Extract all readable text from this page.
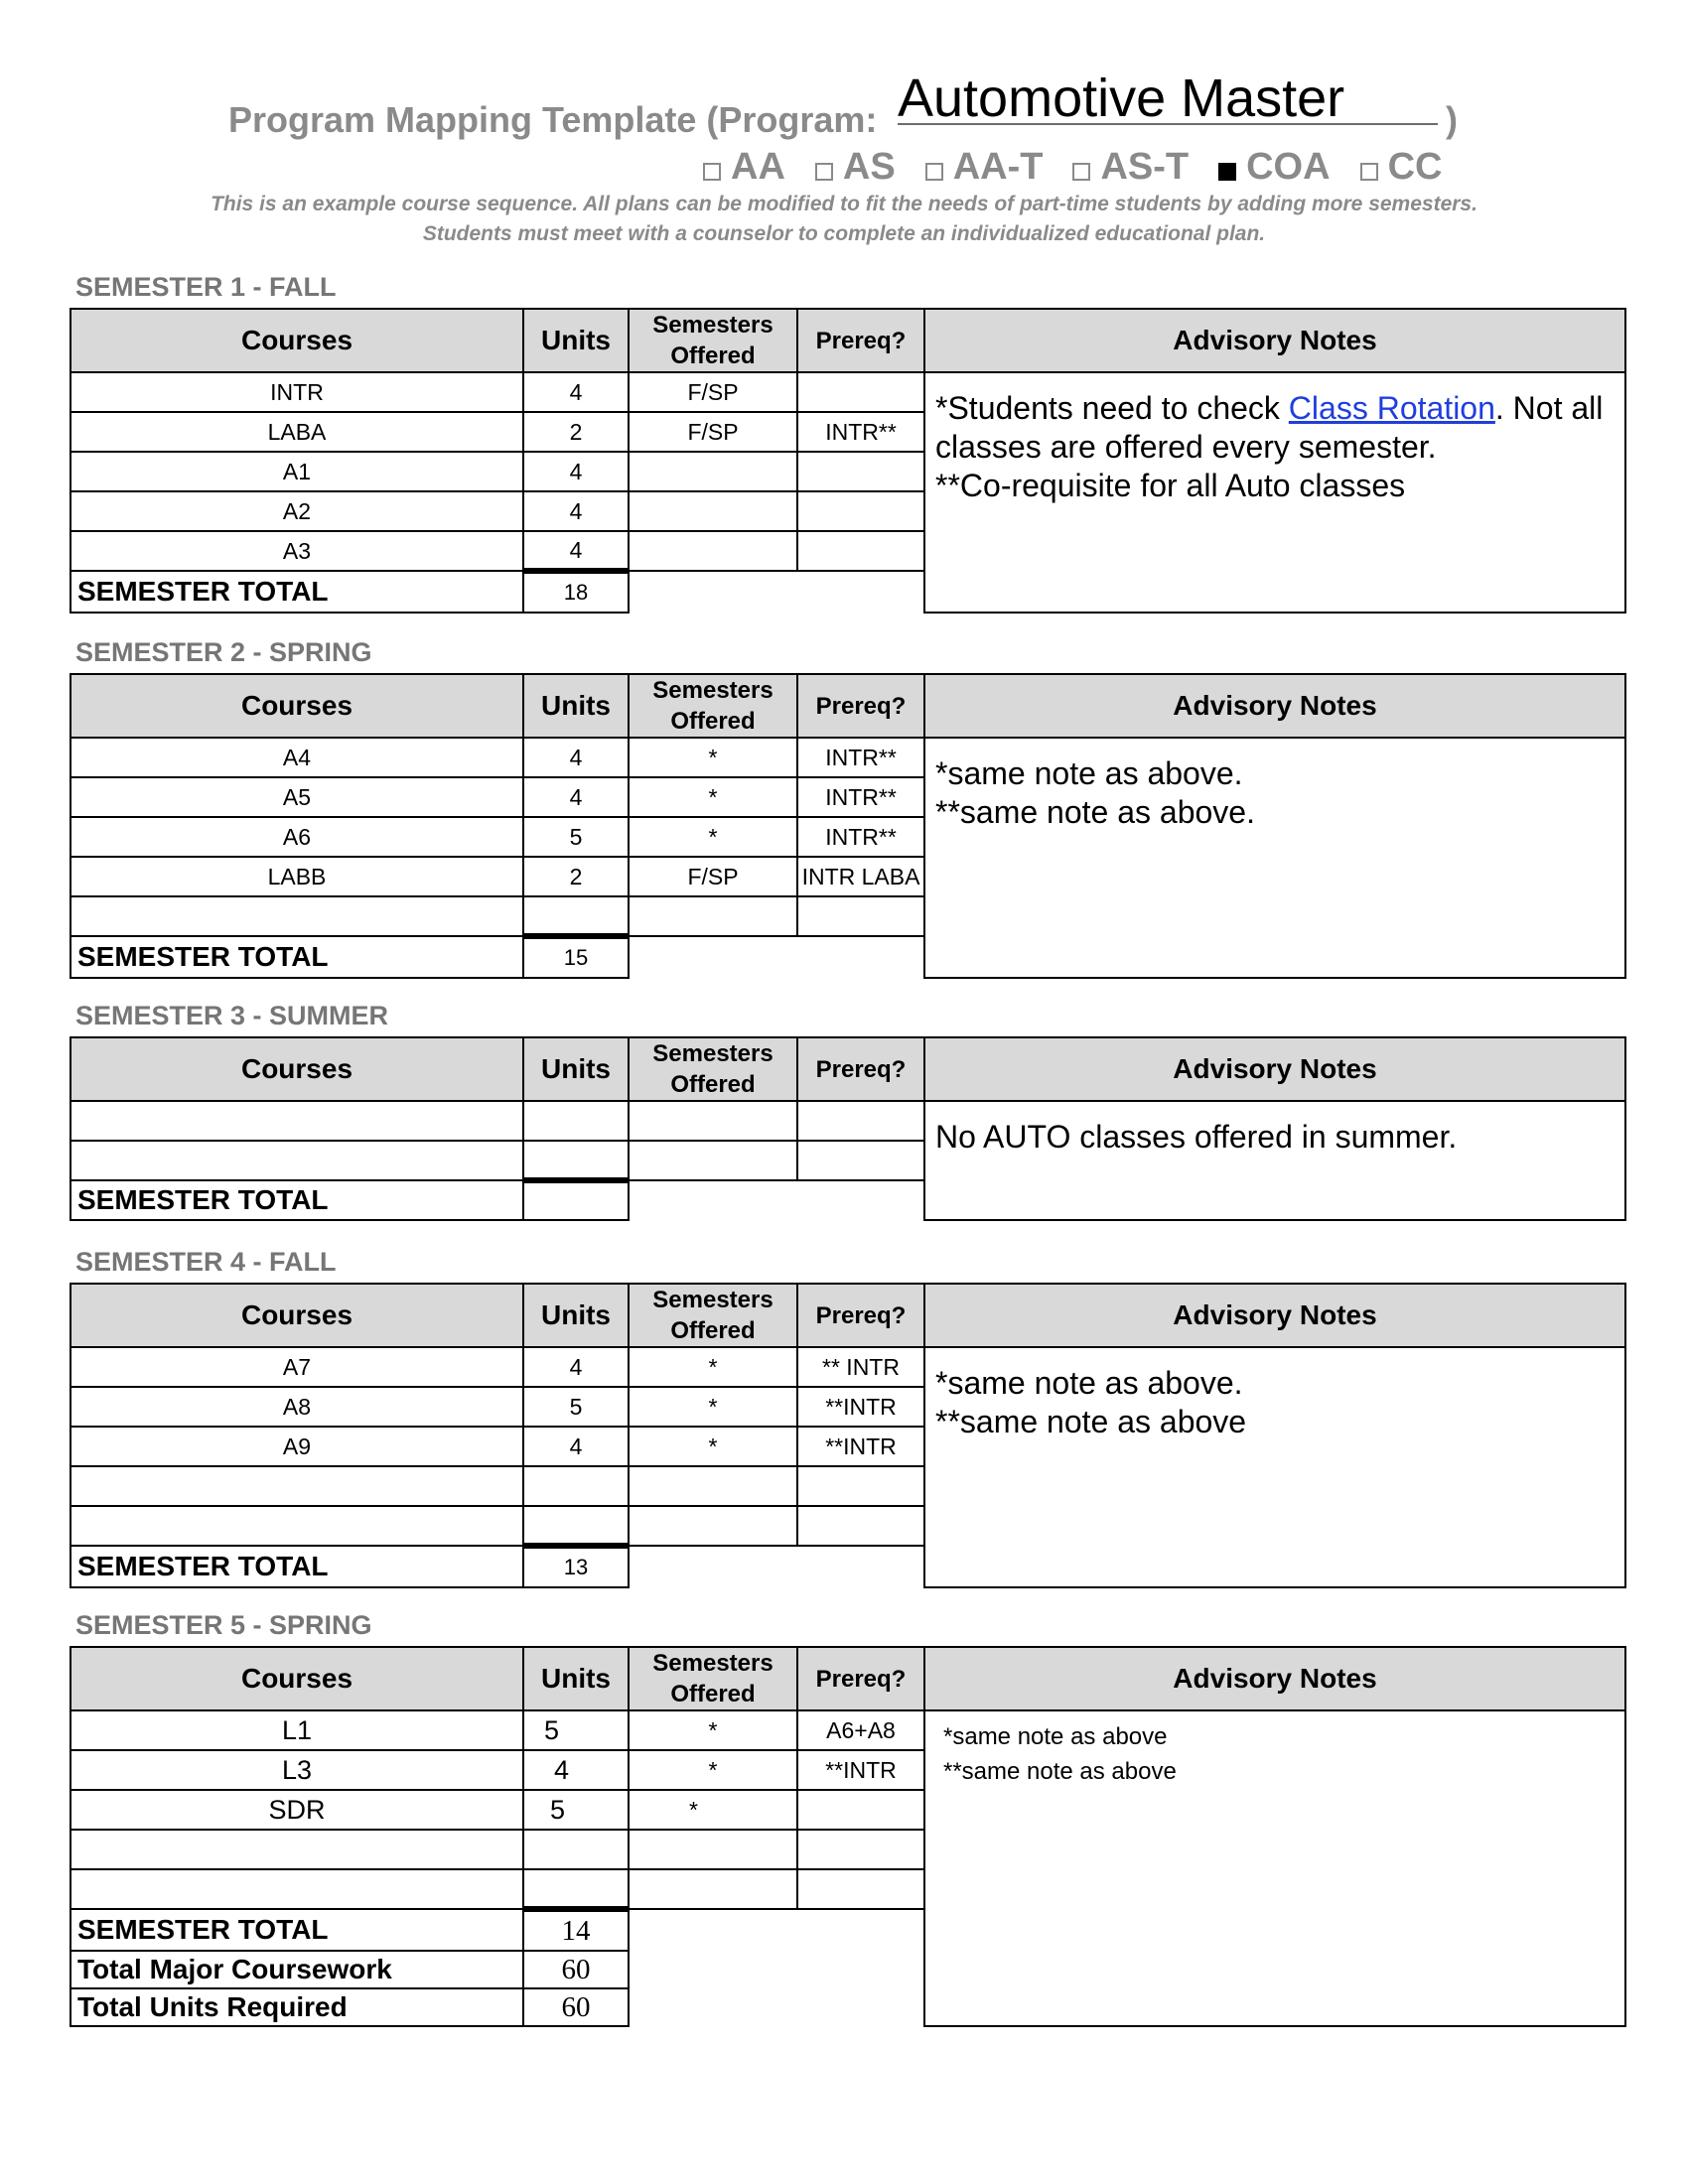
Program Mapping Template (Program: Automotive Master	)
AA AS AA-T AS-T COA CC
This is an example course sequence. All plans can be modified to fit the needs of part-time students by adding more semesters.
Students must meet with a counselor to complete an individualized educational plan.
SEMESTER 1 - FALL
Courses	Units	Semesters Offered	Prereq?	Advisory Notes
INTR	4	F/SP		*Students need to check Class Rotation. Not all classes are offered every semester.
**Co-requisite for all Auto classes

LABA	2	F/SP	INTR**	
A1	4			
A2	4			
A3	4			
SEMESTER TOTAL	18			
SEMESTER 2 - SPRING
Courses	Units	Semesters Offered	Prereq?	Advisory Notes
A4	4	*	INTR**	*same note as above.
**same note as above.

A5	4	*	INTR**	
A6	5	*	INTR**	
LABB	2	F/SP	INTR LABA	

SEMESTER TOTAL	15			
SEMESTER 3 - SUMMER
Courses	Units	Semesters Offered	Prereq?	Advisory Notes

				No AUTO classes offered in summer.

SEMESTER TOTAL				
SEMESTER 4 - FALL
Courses	Units	Semesters Offered	Prereq?	Advisory Notes
A7	4	*	** INTR	*same note as above.
**same note as above

A8	5	*	**INTR	
A9	4	*	**INTR	

SEMESTER TOTAL	13			
SEMESTER 5 - SPRING
Courses	Units	Semesters Offered	Prereq?	Advisory Notes
L1	5	*	A6+A8	*same note as above
**same note as above

L3	4	*	**INTR	
SDR	5	*		

SEMESTER TOTAL	14			
Total Major Coursework	60			
Total Units Required	60			
